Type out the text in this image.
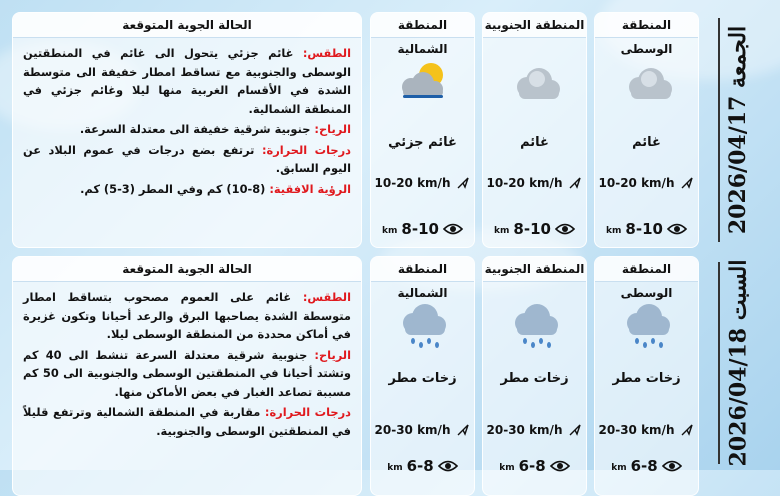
الجمعة 2026/04/17
المنطقة الوسطى
غائم
10-20 km/h
km 8-10
المنطقة الجنوبية
غائم
10-20 km/h
km 8-10
المنطقة الشمالية
غائم جزئي
10-20 km/h
km 8-10
الحالة الجوية المتوقعة

الطقس: غائم جزئي يتحول الى غائم في المنطقتين الوسطى والجنوبية مع تساقط امطار خفيفة الى متوسطة الشدة في الأقسام الغربية منها ليلا وغائم جزئي في المنطقة الشمالية.

الرياح: جنوبية شرقية خفيفة الى معتدلة السرعة.

درجات الحرارة: ترتفع بضع درجات في عموم البلاد عن اليوم السابق.

الرؤية الافقية: (8-10) كم وفي المطر (3-5) كم.

السبت 2026/04/18
المنطقة الوسطى
زخات مطر
20-30 km/h
km 6-8
المنطقة الجنوبية
زخات مطر
20-30 km/h
km 6-8
المنطقة الشمالية
زخات مطر
20-30 km/h
km 6-8
الحالة الجوية المتوقعة

الطقس: غائم على العموم مصحوب بتساقط امطار متوسطة الشدة يصاحبها البرق والرعد أحيانا وتكون غزيرة في أماكن محددة من المنطقة الوسطى ليلا.

الرياح: جنوبية شرقية معتدلة السرعة تنشط الى 40 كم وتشتد أحيانا في المنطقتين الوسطى والجنوبية الى 50 كم مسببة تصاعد الغبار في بعض الأماكن منها.

درجات الحرارة: مقاربة في المنطقة الشمالية وترتفع قليلاً في المنطقتين الوسطى والجنوبية.
